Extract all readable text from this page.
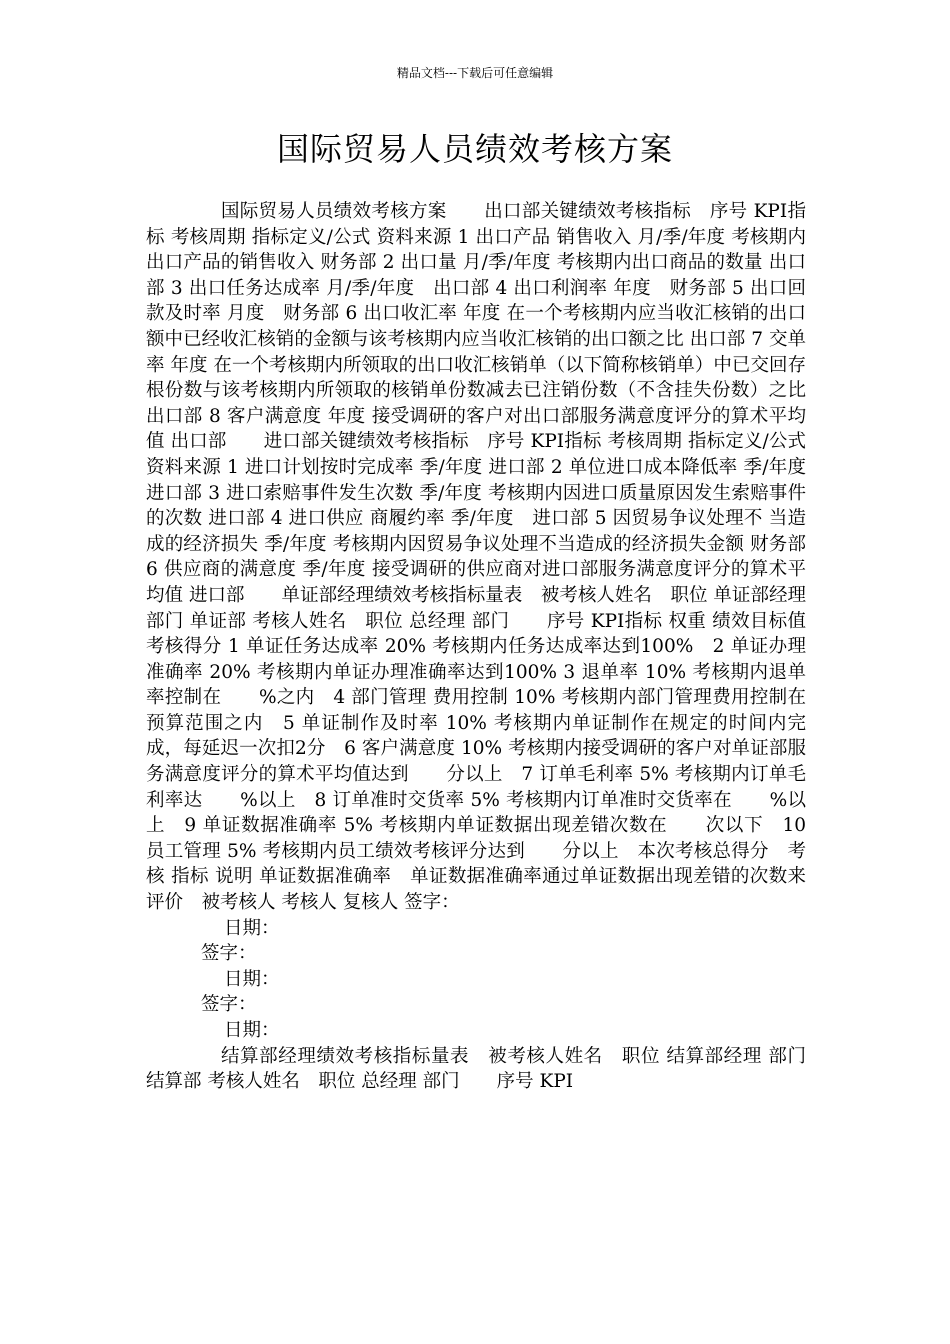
精品文档---下载后可任意编辑
国际贸易人员绩效考核方案

国际贸易人员绩效考核方案　　出口部关键绩效考核指标　序号 KPI指标 考核周期 指标定义/公式 资料来源 1 出口产品 销售收入 月/季/年度 考核期内出口产品的销售收入 财务部 2 出口量 月/季/年度 考核期内出口商品的数量 出口部 3 出口任务达成率 月/季/年度　出口部 4 出口利润率 年度　财务部 5 出口回款及时率 月度　财务部 6 出口收汇率 年度 在一个考核期内应当收汇核销的出口额中已经收汇核销的金额与该考核期内应当收汇核销的出口额之比 出口部 7 交单率 年度 在一个考核期内所领取的出口收汇核销单（以下简称核销单）中已交回存根份数与该考核期内所领取的核销单份数减去已注销份数（不含挂失份数）之比 出口部 8 客户满意度 年度 接受调研的客户对出口部服务满意度评分的算术平均值 出口部　　进口部关键绩效考核指标　序号 KPI指标 考核周期 指标定义/公式 资料来源 1 进口计划按时完成率 季/年度 进口部 2 单位进口成本降低率 季/年度　进口部 3 进口索赔事件发生次数 季/年度 考核期内因进口质量原因发生索赔事件的次数 进口部 4 进口供应 商履约率 季/年度　进口部 5 因贸易争议处理不 当造成的经济损失 季/年度 考核期内因贸易争议处理不当造成的经济损失金额 财务部 6 供应商的满意度 季/年度 接受调研的供应商对进口部服务满意度评分的算术平均值 进口部　　单证部经理绩效考核指标量表　被考核人姓名　职位 单证部经理 部门 单证部 考核人姓名　职位 总经理 部门　　序号 KPI指标 权重 绩效目标值 考核得分 1 单证任务达成率 20% 考核期内任务达成率达到100%　2 单证办理准确率 20% 考核期内单证办理准确率达到100% 3 退单率 10% 考核期内退单率控制在　　%之内　4 部门管理 费用控制 10% 考核期内部门管理费用控制在预算范围之内　5 单证制作及时率 10% 考核期内单证制作在规定的时间内完成，每延迟一次扣2分　6 客户满意度 10% 考核期内接受调研的客户对单证部服务满意度评分的算术平均值达到　　分以上　7 订单毛利率 5% 考核期内订单毛利率达　　%以上　8 订单准时交货率 5% 考核期内订单准时交货率在　　%以上　9 单证数据准确率 5% 考核期内单证数据出现差错次数在　　次以下　10 员工管理 5% 考核期内员工绩效考核评分达到　　分以上　本次考核总得分　考核 指标 说明 单证数据准确率　单证数据准确率通过单证数据出现差错的次数来评价　被考核人 考核人 复核人 签字：

日期：

签字：

日期：

签字：

日期：

结算部经理绩效考核指标量表　被考核人姓名　职位 结算部经理 部门 结算部 考核人姓名　职位 总经理 部门　　序号 KPI
